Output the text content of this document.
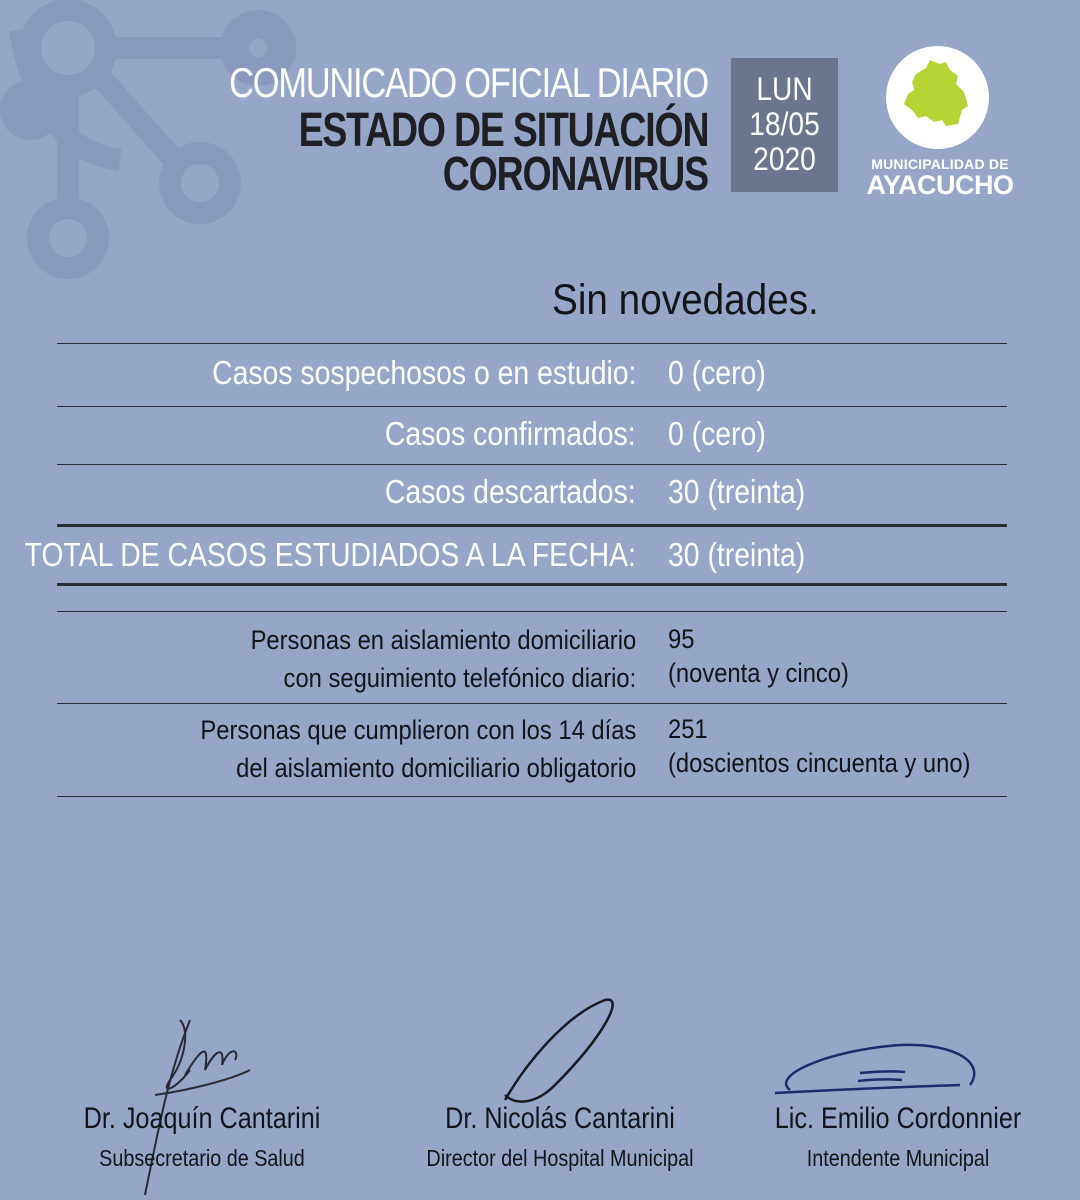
COMUNICADO OFICIAL DIARIO
ESTADO DE SITUACIÓN
CORONAVIRUS
LUN
18/05
2020	MUNICIPALIDAD DE
AYACUCHO
Sin novedades.
Casos sospechosos o en estudio: 0 (cero)
Casos confirmados: 0 (cero)
Casos descartados: 30 (treinta)
TOTAL DE CASOS ESTUDIADOS A LA FECHA: 30 (treinta)
Personas en aislamiento domiciliario
con seguimiento telefónico diario:
95
(noventa y cinco)
Personas que cumplieron con los 14 días
del aislamiento domiciliario obligatorio
251
(doscientos cincuenta y uno)
Dr. Joaquín Cantarini
Subsecretario de Salud
Dr. Nicolás Cantarini
Director del Hospital Municipal
Lic. Emilio Cordonnier
Intendente Municipal
